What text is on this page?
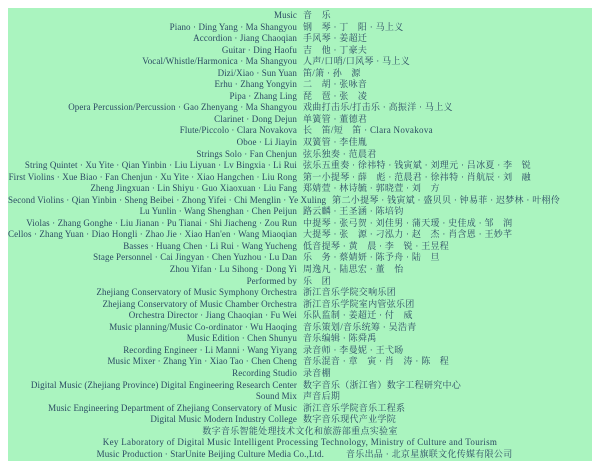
Music 音　乐
Piano · Ding Yang · Ma Shangyou 钢　琴 · 丁　阳 · 马上义
Accordion · Jiang Chaoqian 手风琴 · 姜超迁
Guitar · Ding Haofu 吉　他 · 丁豪夫
Vocal/Whistle/Harmonica · Ma Shangyou 人声/口哨/口风琴 · 马上义
Dizi/Xiao · Sun Yuan 笛/箫 · 孙　源
Erhu · Zhang Yongyin 二　胡 · 张咏音
Pipa · Zhang Ling 琵　琶 · 张　凌
Opera Percussion/Percussion · Gao Zhenyang · Ma Shangyou 戏曲打击乐/打击乐 · 高振洋 · 马上义
Clarinet · Dong Dejun 单簧管 · 董德君
Flute/Piccolo · Clara Novakova 长　笛/短　笛 · Clara Novakova
Oboe · Li Jiayin 双簧管 · 李佳胤
Strings Solo · Fan Chenjun 弦乐独奏 · 范晨君
String Quintet · Xu Yite · Qian Yinbin · Liu Liyuan · Lv Bingxia · Li Rui 弦乐五重奏 · 徐祎特 · 钱寅斌 · 刘理元 · 吕冰夏 · 李　锐
First Violins · Xue Biao · Fan Chenjun · Xu Yite · Xiao Hangchen · Liu Rong 第一小提琴 · 薛　彪 · 范晨君 · 徐祎特 · 肖航辰 · 刘　融
Zheng Jingxuan · Lin Shiyu · Guo Xiaoxuan · Liu Fang 郑婧萱 · 林诗毓 · 郭晓萱 · 刘　方
Second Violins · Qian Yinbin · Sheng Beibei · Zhong Yifei · Chi Menglin · Ye Xuling 第二小提琴 · 钱寅斌 · 盛贝贝 · 钟易菲 · 迟梦林 · 叶栩伶
Lu Yunlin · Wang Shenghan · Chen Peijun 路云麟 · 王圣涵 · 陈培钧
Violas · Zhang Gonghe · Liu Jianan · Pu Tianai · Shi Jiacheng · Zou Run 中提琴 · 张弓贺 · 刘佳男 · 蒲天瑷 · 史佳成 · 邹　润
Cellos · Zhang Yuan · Diao Hongli · Zhao Jie · Xiao Han'en · Wang Miaoqian 大提琴 · 张　源 · 刁泓力 · 赵　杰 · 肖含恩 · 王妙芊
Basses · Huang Chen · Li Rui · Wang Yucheng 低音提琴 · 黄　晨 · 李　锐 · 王昱程
Stage Personnel · Cai Jingyan · Chen Yuzhou · Lu Dan 乐　务 · 蔡婧妍 · 陈予舟 · 陆　旦
Zhou Yifan · Lu Sihong · Dong Yi 周逸凡 · 陆思宏 · 董　怡
Performed by 乐　团
Zhejiang Conservatory of Music Symphony Orchestra 浙江音乐学院交响乐团
Zhejiang Conservatory of Music Chamber Orchestra 浙江音乐学院室内管弦乐团
Orchestra Director · Jiang Chaoqian · Fu Wei 乐队监制 · 姜超迁 · 付　威
Music planning/Music Co-ordinator · Wu Haoqing 音乐策划/音乐统筹 · 吴浩青
Music Edition · Chen Shunyu 音乐编辑 · 陈舜禹
Recording Engineer · Li Manni · Wang Yiyang 录音师 · 李曼妮 · 王弋旸
Music Mixer · Zhang Yin · Xiao Tao · Chen Cheng 音乐混音 · 章　寅 · 肖　涛 · 陈　程
Recording Studio 录音棚
Digital Music (Zhejiang Province) Digital Engineering Research Center 数字音乐（浙江省）数字工程研究中心
Sound Mix 声音后期
Music Engineering Department of Zhejiang Conservatory of Music 浙江音乐学院音乐工程系
Digital Music Modern Industry College 数字音乐现代产业学院
数字音乐智能处理技术文化和旅游部重点实验室
Key Laboratory of Digital Music Intelligent Processing Technology, Ministry of Culture and Tourism
Music Production · StarUnite Beijing Culture Media Co.,Ltd.	音乐出品 · 北京星旗联文化传媒有限公司
